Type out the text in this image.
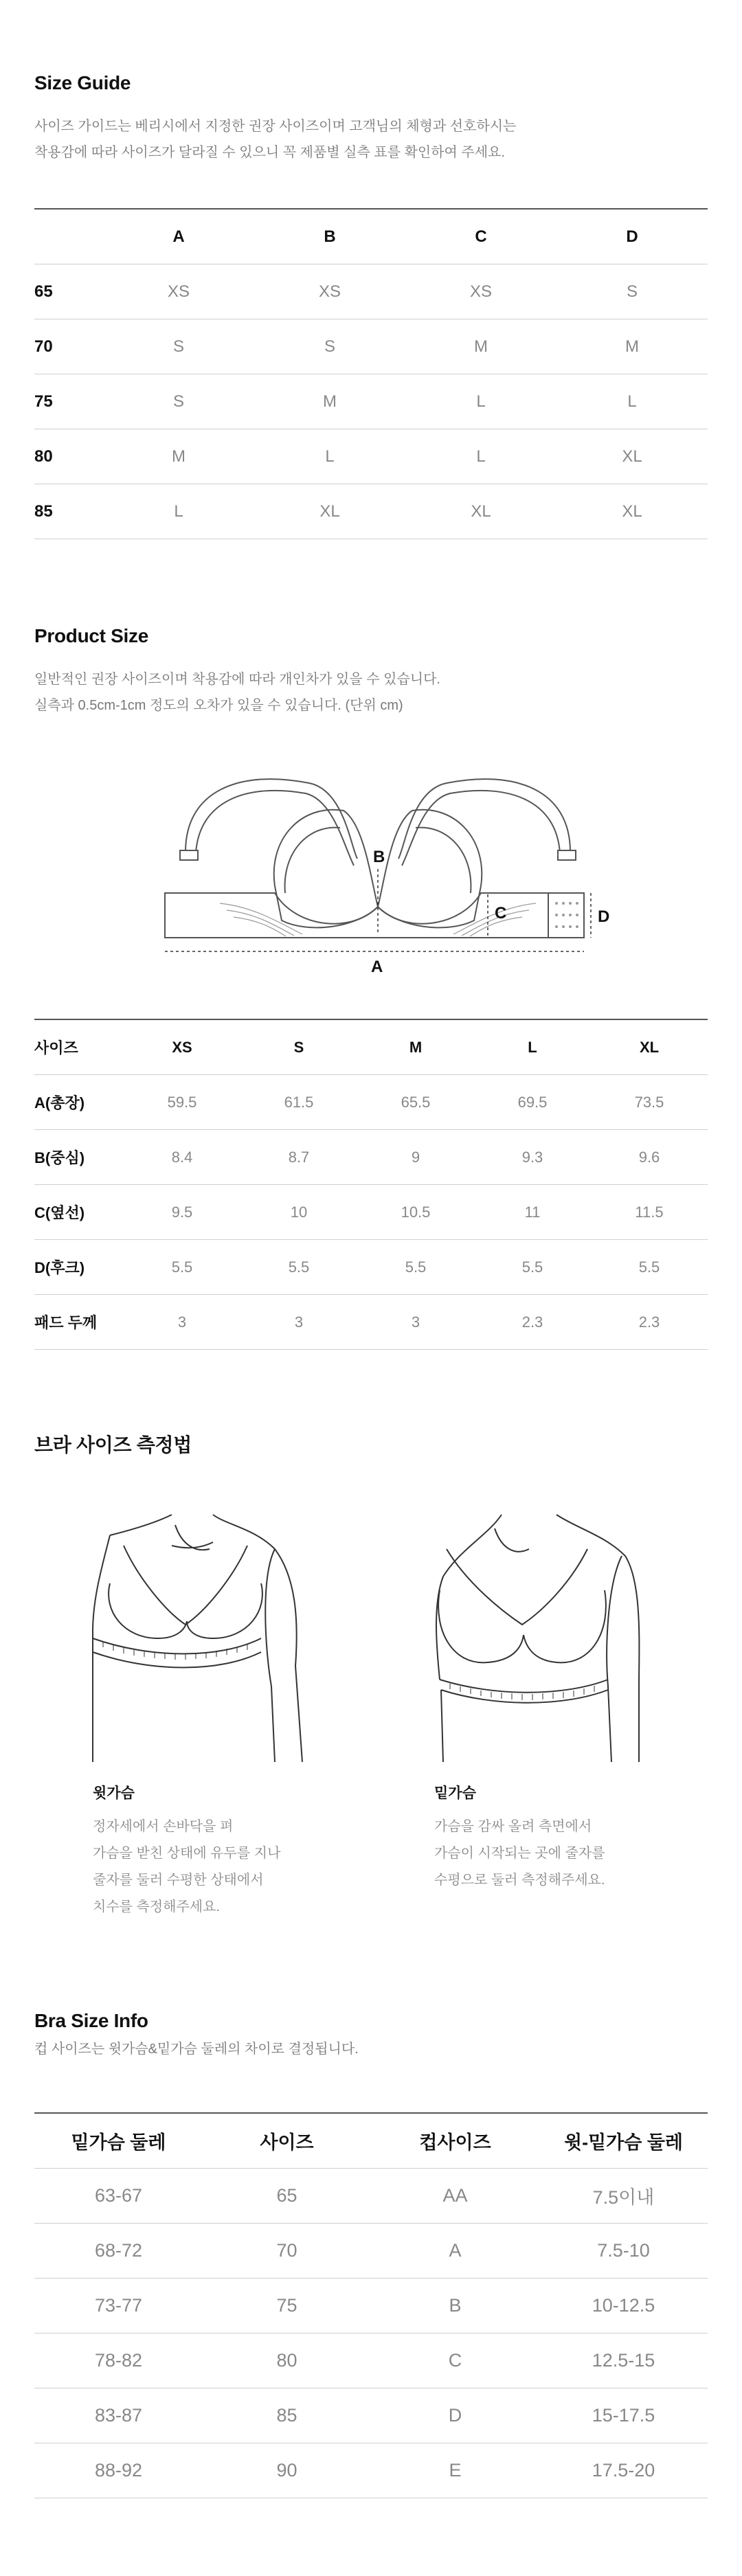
Size Guide

사이즈 가이드는 베리시에서 지정한 권장 사이즈이며 고객님의 체형과 선호하시는

착용감에 따라 사이즈가 달라질 수 있으니 꼭 제품별 실측 표를 확인하여 주세요.

	A	B	C	D
65	XS	XS	XS	S
70	S	S	M	M
75	S	M	L	L
80	M	L	L	XL
85	L	XL	XL	XL
Product Size

일반적인 권장 사이즈이며 착용감에 따라 개인차가 있을 수 있습니다.

실측과 0.5cm-1cm 정도의 오차가 있을 수 있습니다. (단위 cm)

B
C	D
A
사이즈	XS	S	M	L	XL
A(총장)	59.5	61.5	65.5	69.5	73.5
B(중심)	8.4	8.7	9	9.3	9.6
C(옆선)	9.5	10	10.5	11	11.5
D(후크)	5.5	5.5	5.5	5.5	5.5
패드 두께	3	3	3	2.3	2.3
브라 사이즈 측정법

윗가슴

정자세에서 손바닥을 펴
가슴을 받친 상태에 유두를 지나
줄자를 둘러 수평한 상태에서
치수를 측정해주세요.

밑가슴

가슴을 감싸 올려 측면에서
가슴이 시작되는 곳에 줄자를
수평으로 둘러 측정해주세요.

Bra Size Info

컵 사이즈는 윗가슴&밑가슴 둘레의 차이로 결정됩니다.

밑가슴 둘레	사이즈	컵사이즈	윗-밑가슴 둘레
63-67	65	AA	7.5이내
68-72	70	A	7.5-10
73-77	75	B	10-12.5
78-82	80	C	12.5-15
83-87	85	D	15-17.5
88-92	90	E	17.5-20
